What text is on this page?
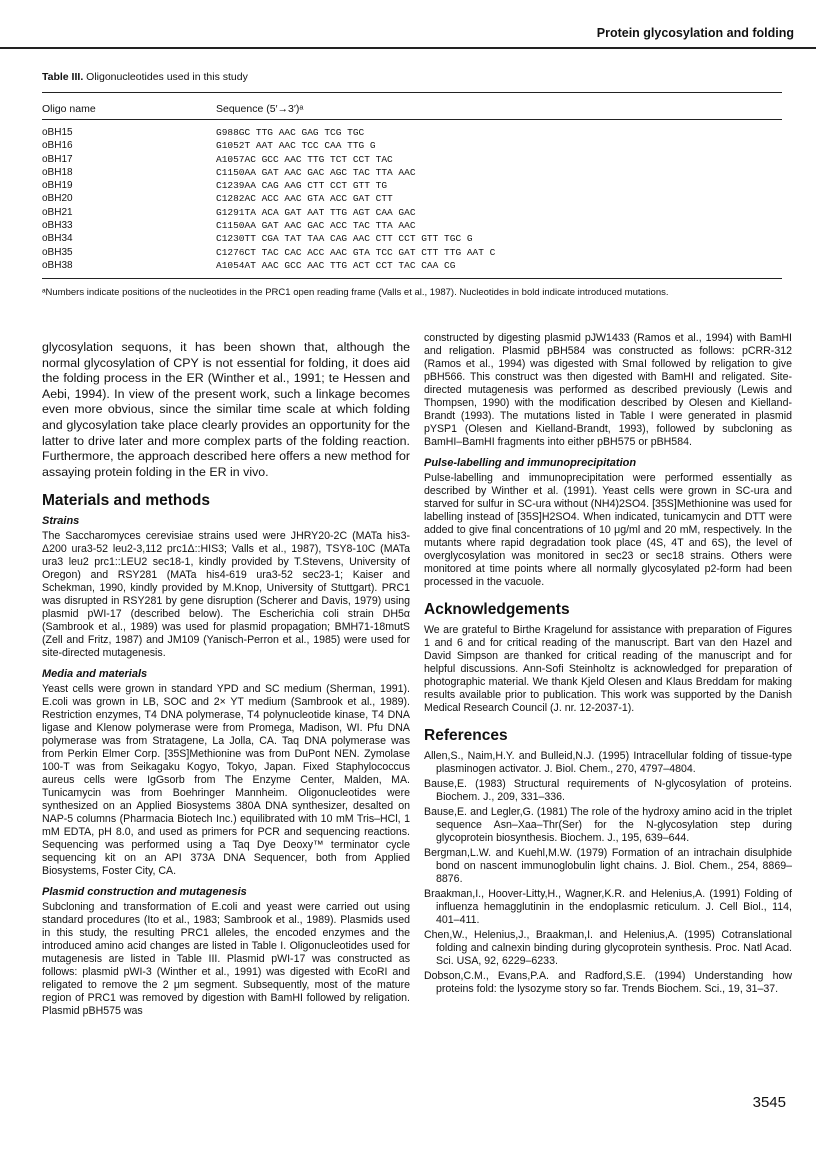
Protein glycosylation and folding
Table III. Oligonucleotides used in this study
Oligo name	Sequence (5′→3′)ᵃ
oBH15	G988GC TTG AAC GAG TCG TGC
oBH16	G1052T AAT AAC TCC CAA TTG G
oBH17	A1057AC GCC AAC TTG TCT CCT TAC
oBH18	C1150AA GAT AAC GAC AGC TAC TTA AAC
oBH19	C1239AA CAG AAG CTT CCT GTT TG
oBH20	C1282AC ACC AAC GTA ACC GAT CTT
oBH21	G1291TA ACA GAT AAT TTG AGT CAA GAC
oBH33	C1150AA GAT AAC GAC ACC TAC TTA AAC
oBH34	C1230TT CGA TAT TAA CAG AAC CTT CCT GTT TGC G
oBH35	C1276CT TAC CAC ACC AAC GTA TCC GAT CTT TTG AAT C
oBH38	A1054AT AAC GCC AAC TTG ACT CCT TAC CAA CG
ᵃNumbers indicate positions of the nucleotides in the PRC1 open reading frame (Valls et al., 1987). Nucleotides in bold indicate introduced mutations.

glycosylation sequons, it has been shown that, although the normal glycosylation of CPY is not essential for folding, it does aid the folding process in the ER (Winther et al., 1991; te Hessen and Aebi, 1994). In view of the present work, such a linkage becomes even more obvious, since the similar time scale at which folding and glycosylation take place clearly provides an opportunity for the latter to drive later and more complex parts of the folding reaction. Furthermore, the approach described here offers a new method for assaying protein folding in the ER in vivo.

Materials and methods
Strains

The Saccharomyces cerevisiae strains used were JHRY20-2C (MATa his3-Δ200 ura3-52 leu2-3,112 prc1Δ::HIS3; Valls et al., 1987), TSY8-10C (MATa ura3 leu2 prc1::LEU2 sec18-1, kindly provided by T.Stevens, University of Oregon) and RSY281 (MATa his4-619 ura3-52 sec23-1; Kaiser and Schekman, 1990, kindly provided by M.Knop, University of Stuttgart). PRC1 was disrupted in RSY281 by gene disruption (Scherer and Davis, 1979) using plasmid pWI-17 (described below). The Escherichia coli strain DH5α (Sambrook et al., 1989) was used for plasmid propagation; BMH71-18mutS (Zell and Fritz, 1987) and JM109 (Yanisch-Perron et al., 1985) were used for site-directed mutagenesis.

Media and materials

Yeast cells were grown in standard YPD and SC medium (Sherman, 1991). E.coli was grown in LB, SOC and 2× YT medium (Sambrook et al., 1989). Restriction enzymes, T4 DNA polymerase, T4 polynucleotide kinase, T4 DNA ligase and Klenow polymerase were from Promega, Madison, WI. Pfu DNA polymerase was from Stratagene, La Jolla, CA. Taq DNA polymerase was from Perkin Elmer Corp. [35S]Methionine was from DuPont NEN. Zymolase 100-T was from Seikagaku Kogyo, Tokyo, Japan. Fixed Staphylococcus aureus cells were IgGsorb from The Enzyme Center, Malden, MA. Tunicamycin was from Boehringer Mannheim. Oligonucleotides were synthesized on an Applied Biosystems 380A DNA synthesizer, desalted on NAP-5 columns (Pharmacia Biotech Inc.) equilibrated with 10 mM Tris–HCl, 1 mM EDTA, pH 8.0, and used as primers for PCR and sequencing reactions. Sequencing was performed using a Taq Dye Deoxy™ terminator cycle sequencing kit on an API 373A DNA Sequencer, both from Applied Biosystems, Foster City, CA.

Plasmid construction and mutagenesis

Subcloning and transformation of E.coli and yeast were carried out using standard procedures (Ito et al., 1983; Sambrook et al., 1989). Plasmids used in this study, the resulting PRC1 alleles, the encoded enzymes and the introduced amino acid changes are listed in Table I. Oligonucleotides used for mutagenesis are listed in Table III. Plasmid pWI-17 was constructed as follows: plasmid pWI-3 (Winther et al., 1991) was digested with EcoRI and religated to remove the 2 μm segment. Subsequently, most of the mature region of PRC1 was removed by digestion with BamHI followed by religation. Plasmid pBH575 was

constructed by digesting plasmid pJW1433 (Ramos et al., 1994) with BamHI and religation. Plasmid pBH584 was constructed as follows: pCRR-312 (Ramos et al., 1994) was digested with SmaI followed by religation to give pBH566. This construct was then digested with BamHI and religated. Site-directed mutagenesis was performed as described previously (Lewis and Thompsen, 1990) with the modification described by Olesen and Kielland-Brandt (1993). The mutations listed in Table I were generated in plasmid pYSP1 (Olesen and Kielland-Brandt, 1993), followed by subcloning as BamHI–BamHI fragments into either pBH575 or pBH584.

Pulse-labelling and immunoprecipitation

Pulse-labelling and immunoprecipitation were performed essentially as described by Winther et al. (1991). Yeast cells were grown in SC-ura and starved for sulfur in SC-ura without (NH4)2SO4. [35S]Methionine was used for labelling instead of [35S]H2SO4. When indicated, tunicamycin and DTT were added to give final concentrations of 10 μg/ml and 20 mM, respectively. In the mutants where rapid degradation took place (4S, 4T and 6S), the level of overglycosylation was monitored in sec23 or sec18 strains. Others were monitored at time points where all normally glycosylated p2-form had been processed in the vacuole.

Acknowledgements

We are grateful to Birthe Kragelund for assistance with preparation of Figures 1 and 6 and for critical reading of the manuscript. Bart van den Hazel and David Simpson are thanked for critical reading of the manuscript and for helpful discussions. Ann-Sofi Steinholtz is acknowledged for preparation of photographic material. We thank Kjeld Olesen and Klaus Breddam for making results available prior to publication. This work was supported by the Danish Medical Research Council (J. nr. 12-2037-1).

References
Allen,S., Naim,H.Y. and Bulleid,N.J. (1995) Intracellular folding of tissue-type plasminogen activator. J. Biol. Chem., 270, 4797–4804.
Bause,E. (1983) Structural requirements of N-glycosylation of proteins. Biochem. J., 209, 331–336.
Bause,E. and Legler,G. (1981) The role of the hydroxy amino acid in the triplet sequence Asn–Xaa–Thr(Ser) for the N-glycosylation step during glycoprotein biosynthesis. Biochem. J., 195, 639–644.
Bergman,L.W. and Kuehl,M.W. (1979) Formation of an intrachain disulphide bond on nascent immunoglobulin light chains. J. Biol. Chem., 254, 8869–8876.
Braakman,I., Hoover-Litty,H., Wagner,K.R. and Helenius,A. (1991) Folding of influenza hemagglutinin in the endoplasmic reticulum. J. Cell Biol., 114, 401–411.
Chen,W., Helenius,J., Braakman,I. and Helenius,A. (1995) Cotranslational folding and calnexin binding during glycoprotein synthesis. Proc. Natl Acad. Sci. USA, 92, 6229–6233.
Dobson,C.M., Evans,P.A. and Radford,S.E. (1994) Understanding how proteins fold: the lysozyme story so far. Trends Biochem. Sci., 19, 31–37.
3545
